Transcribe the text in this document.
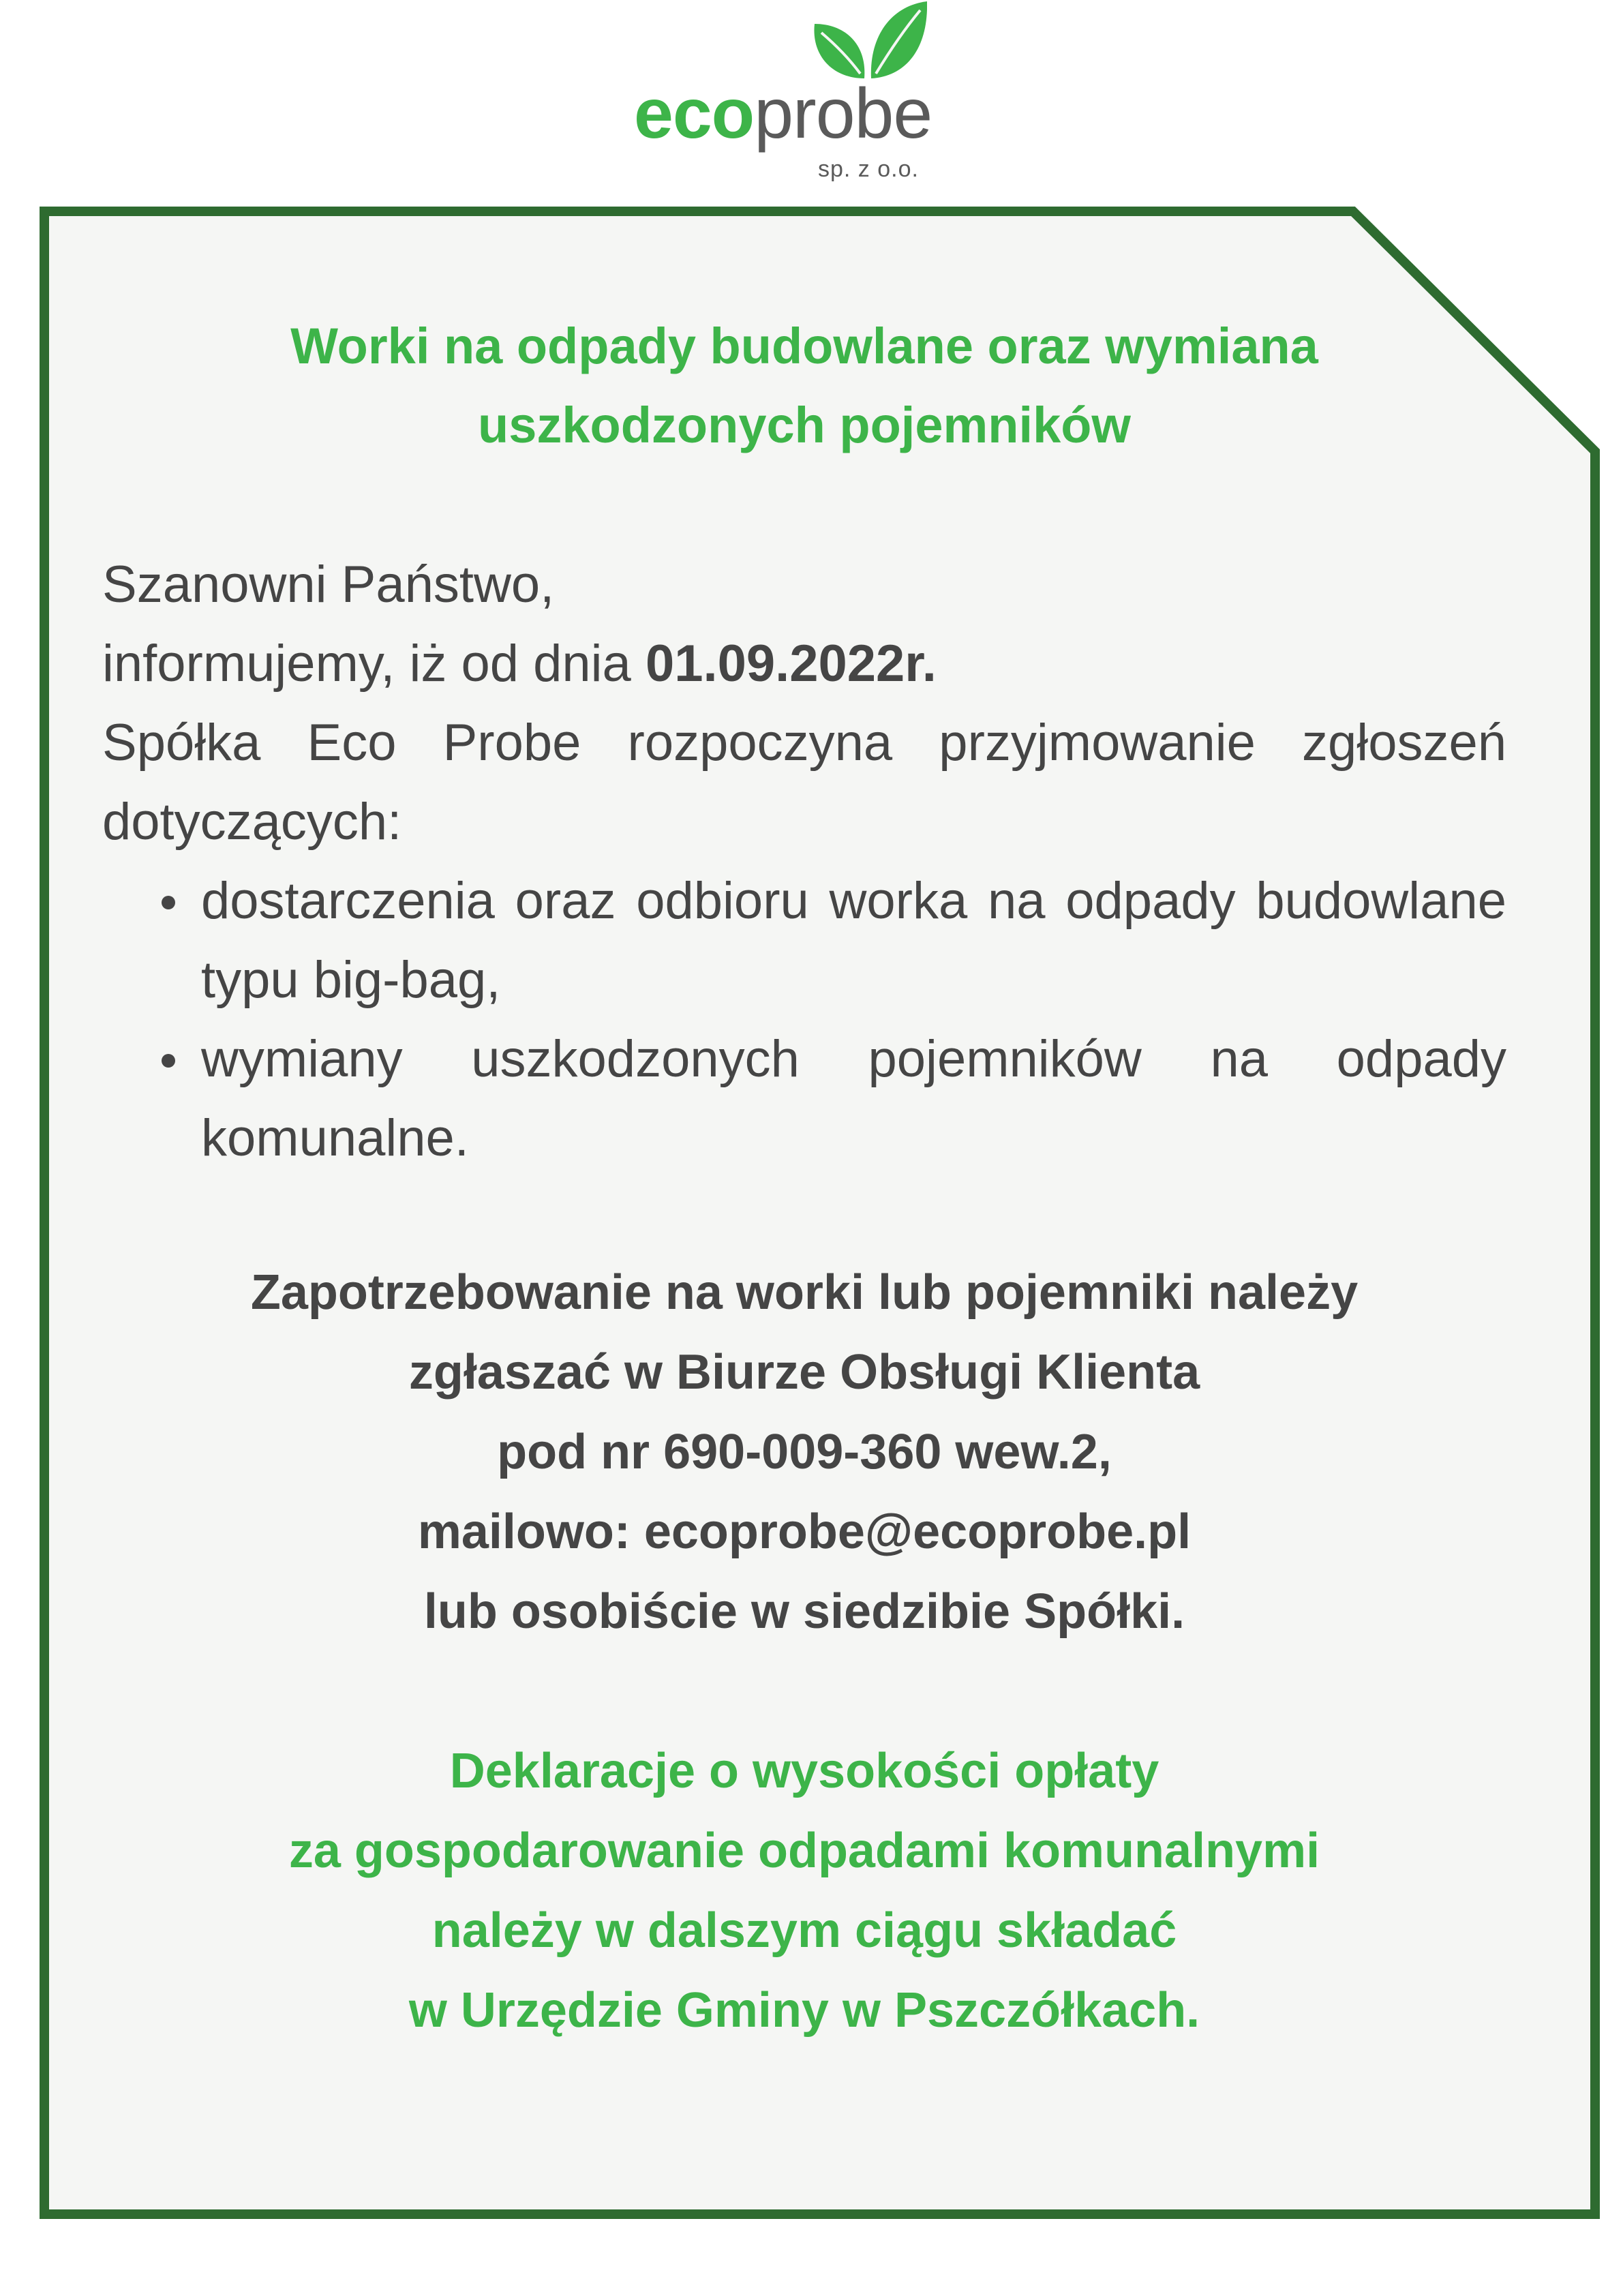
ecoprobe
sp. z o.o.
Worki na odpady budowlane oraz wymiana uszkodzonych pojemników

Szanowni Państwo,

informujemy, iż od dnia 01.09.2022r.

Spółka Eco Probe rozpoczyna przyjmowanie zgłoszeń dotyczących:

dostarczenia oraz odbioru worka na odpady budowlane typu big-bag,
wymiany uszkodzonych pojemników na odpady komunalne.
Zapotrzebowanie na worki lub pojemniki należy
zgłaszać w Biurze Obsługi Klienta
pod nr 690-009-360 wew.2,
mailowo: ecoprobe@ecoprobe.pl
lub osobiście w siedzibie Spółki.
Deklaracje o wysokości opłaty
za gospodarowanie odpadami komunalnymi
należy w dalszym ciągu składać
w Urzędzie Gminy w Pszczółkach.
